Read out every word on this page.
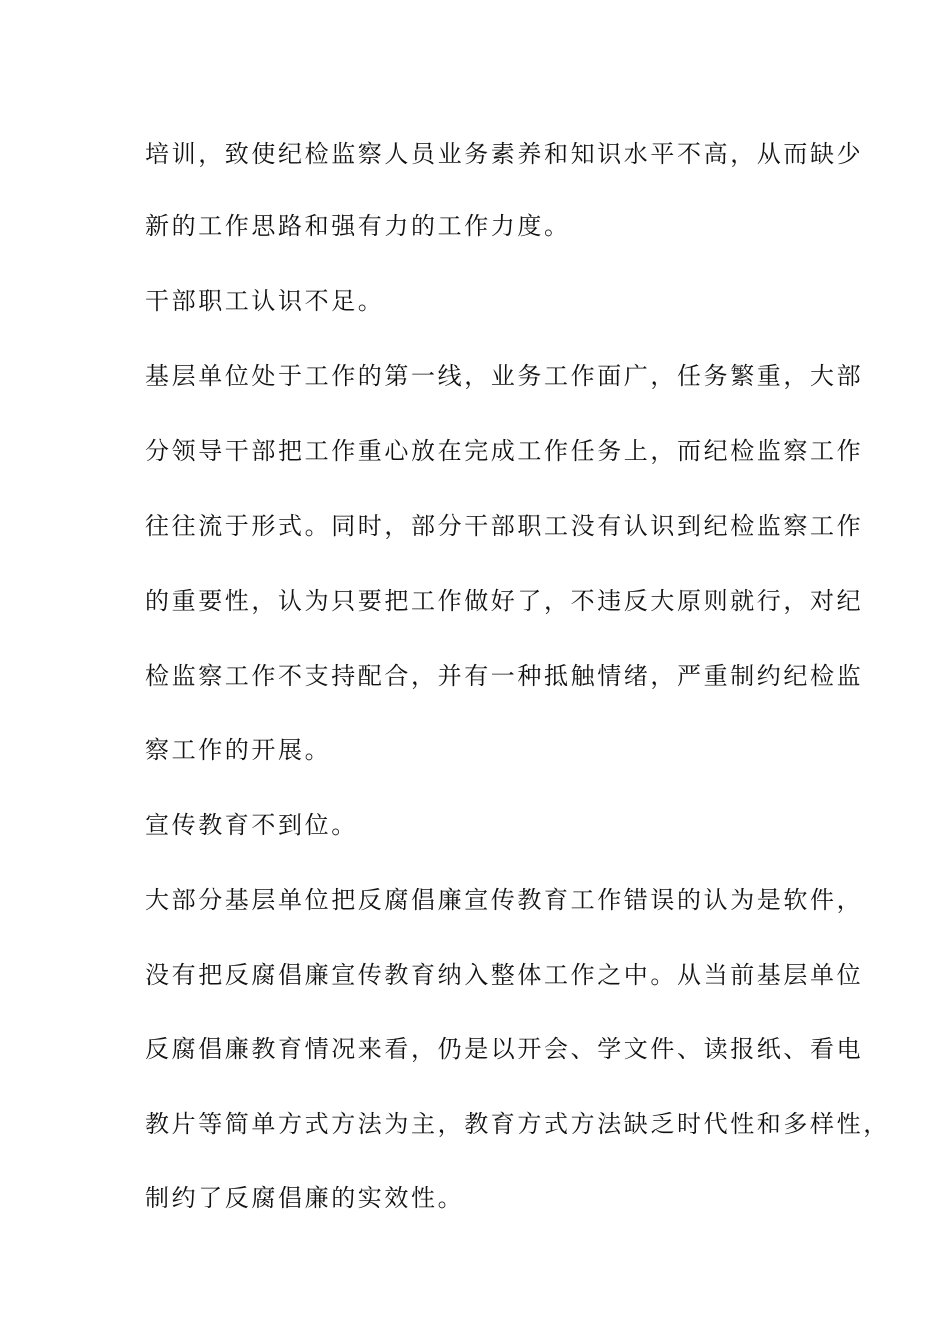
培训，致使纪检监察人员业务素养和知识水平不高，从而缺少
新的工作思路和强有力的工作力度。
干部职工认识不足。
基层单位处于工作的第一线，业务工作面广，任务繁重，大部
分领导干部把工作重心放在完成工作任务上，而纪检监察工作
往往流于形式。同时，部分干部职工没有认识到纪检监察工作
的重要性，认为只要把工作做好了，不违反大原则就行，对纪
检监察工作不支持配合，并有一种抵触情绪，严重制约纪检监
察工作的开展。
宣传教育不到位。
大部分基层单位把反腐倡廉宣传教育工作错误的认为是软件，
没有把反腐倡廉宣传教育纳入整体工作之中。从当前基层单位
反腐倡廉教育情况来看，仍是以开会、学文件、读报纸、看电
教片等简单方式方法为主，教育方式方法缺乏时代性和多样性，
制约了反腐倡廉的实效性。
